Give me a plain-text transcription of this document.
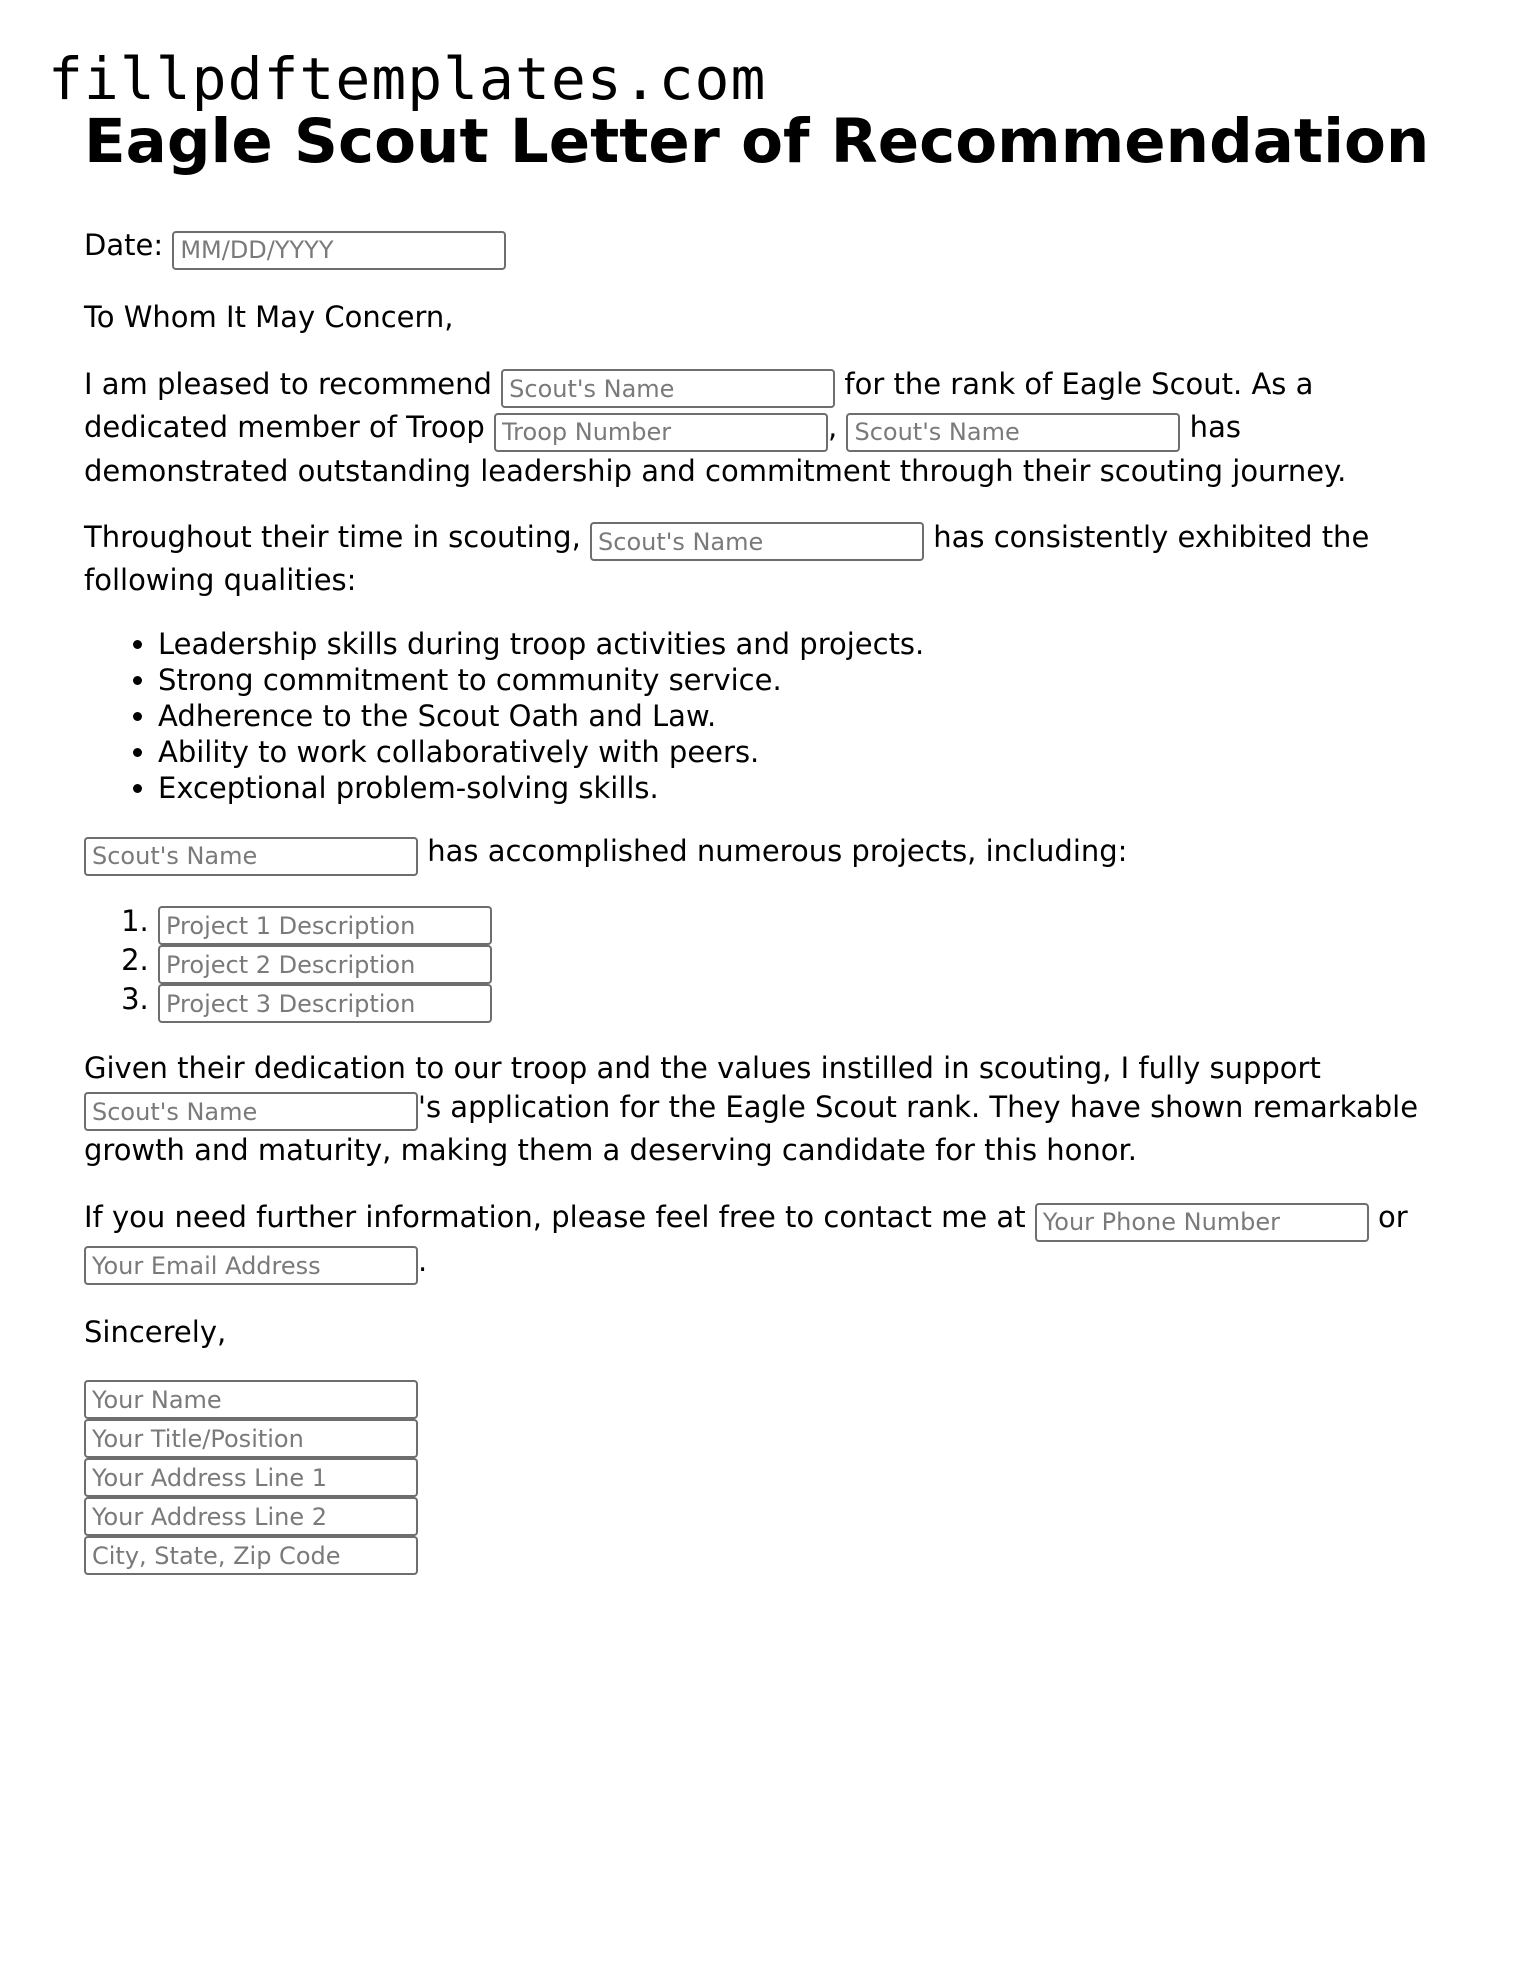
fillpdftemplates.com
Eagle Scout Letter of Recommendation

Date: MM/DD/YYYY

To Whom It May Concern,

I am pleased to recommend Scout's Name	for the rank of Eagle Scout. As a dedicated member of Troop Troop Number	, Scout's Name	has demonstrated outstanding leadership and commitment through their scouting journey.

Throughout their time in scouting, Scout's Name	has consistently exhibited the following qualities:

• Leadership skills during troop activities and projects.
• Strong commitment to community service.
• Adherence to the Scout Oath and Law.
• Ability to work collaboratively with peers.
• Exceptional problem-solving skills.

Scout's Name has accomplished numerous projects, including:

1. Project 1 Description
2. Project 2 Description
3. Project 3 Description

Given their dedication to our troop and the values instilled in scouting, I fully support Scout's Name's application for the Eagle Scout rank. They have shown remarkable growth and maturity, making them a deserving candidate for this honor.

If you need further information, please feel free to contact me at Your Phone Number	or Your Email Address.

Sincerely,

Your Name
Your Title/Position
Your Address Line 1
Your Address Line 2
City, State, Zip Code
